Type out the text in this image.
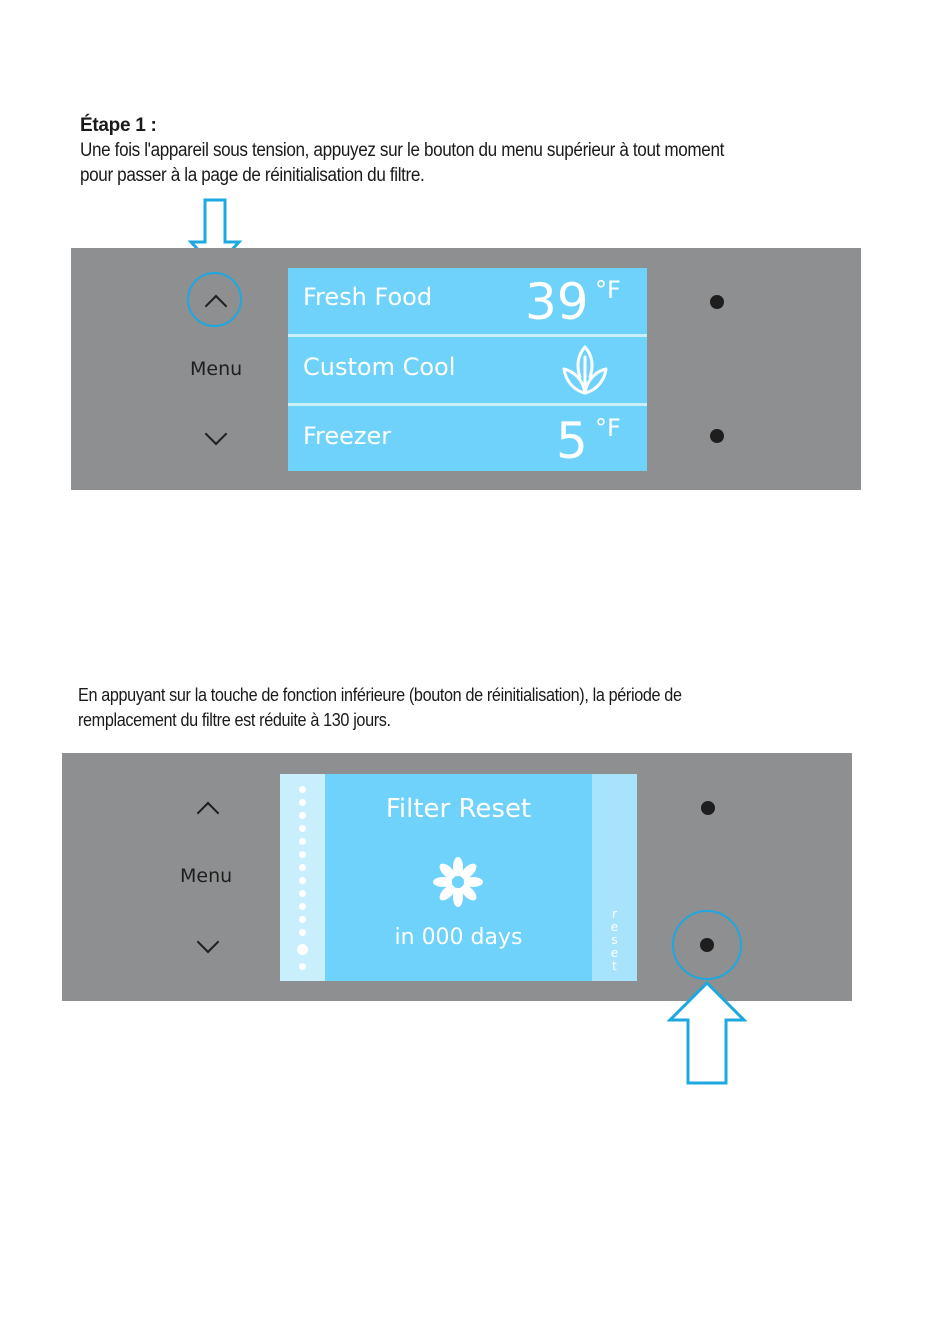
Étape 1 :
Une fois l'appareil sous tension, appuyez sur le bouton du menu supérieur à tout moment
pour passer à la page de réinitialisation du filtre.
Menu
Fresh Food 39 °F
Custom Cool
Freezer	5 °F
En appuyant sur la touche de fonction inférieure (bouton de réinitialisation), la période de
remplacement du filtre est réduite à 130 jours.
Menu
Filter Reset
in 000 days
r
e
s
e
t
